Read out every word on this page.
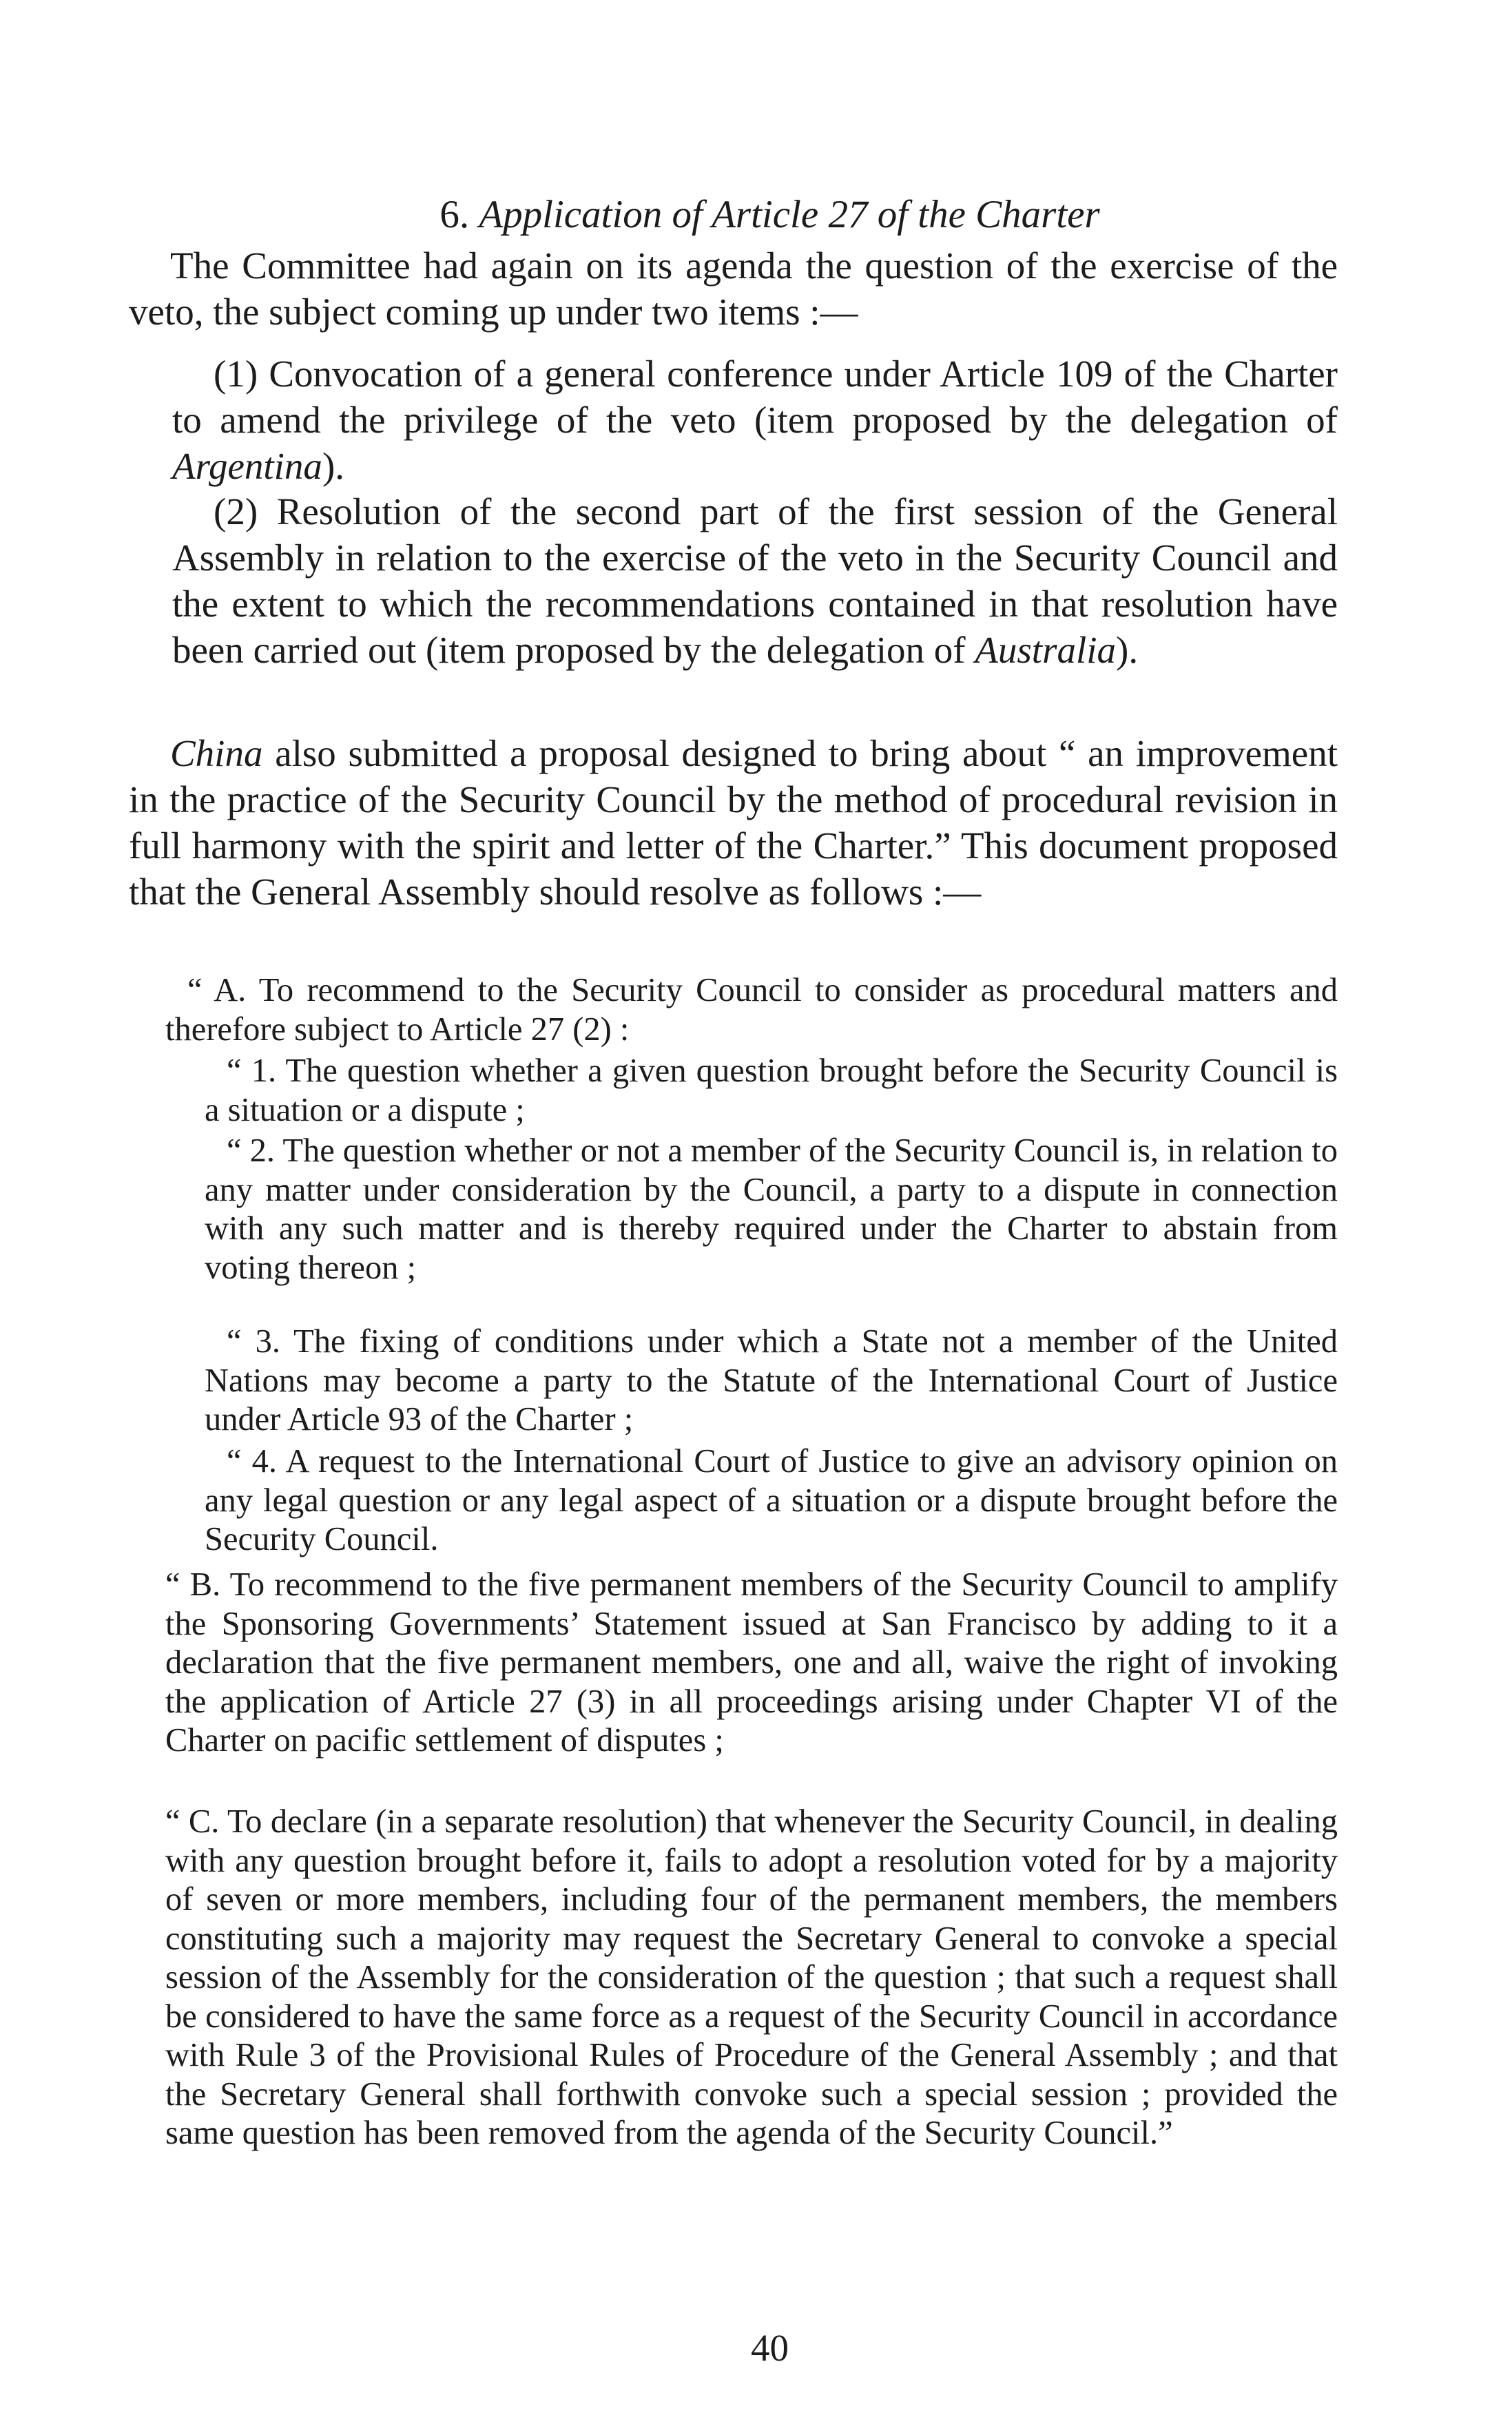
6. Application of Article 27 of the Charter

The Committee had again on its agenda the question of the exercise of the veto, the subject coming up under two items :—

(1) Convocation of a general conference under Article 109 of the Charter to amend the privilege of the veto (item proposed by the delegation of Argentina).

(2) Resolution of the second part of the first session of the General Assembly in relation to the exercise of the veto in the Security Council and the extent to which the recommendations contained in that resolution have been carried out (item proposed by the delegation of Australia).

China also submitted a proposal designed to bring about “ an improvement in the practice of the Security Council by the method of procedural revision in full harmony with the spirit and letter of the Charter.” This document proposed that the General Assembly should resolve as follows :—

“ A. To recommend to the Security Council to consider as procedural matters and therefore subject to Article 27 (2) :

“ 1. The question whether a given question brought before the Security Council is a situation or a dispute ;

“ 2. The question whether or not a member of the Security Council is, in relation to any matter under consideration by the Council, a party to a dispute in connection with any such matter and is thereby required under the Charter to abstain from voting thereon ;

“ 3. The fixing of conditions under which a State not a member of the United Nations may become a party to the Statute of the International Court of Justice under Article 93 of the Charter ;

“ 4. A request to the International Court of Justice to give an advisory opinion on any legal question or any legal aspect of a situation or a dispute brought before the Security Council.

“ B. To recommend to the five permanent members of the Security Council to amplify the Sponsoring Governments’ Statement issued at San Francisco by adding to it a declaration that the five permanent members, one and all, waive the right of invoking the application of Article 27 (3) in all proceedings arising under Chapter VI of the Charter on pacific settlement of disputes ;

“ C. To declare (in a separate resolution) that whenever the Security Council, in dealing with any question brought before it, fails to adopt a resolution voted for by a majority of seven or more members, including four of the permanent members, the members constituting such a majority may request the Secretary General to convoke a special session of the Assembly for the consideration of the question ; that such a request shall be considered to have the same force as a request of the Security Council in accordance with Rule 3 of the Provisional Rules of Procedure of the General Assembly ; and that the Secretary General shall forthwith convoke such a special session ; provided the same question has been removed from the agenda of the Security Council.”

40
